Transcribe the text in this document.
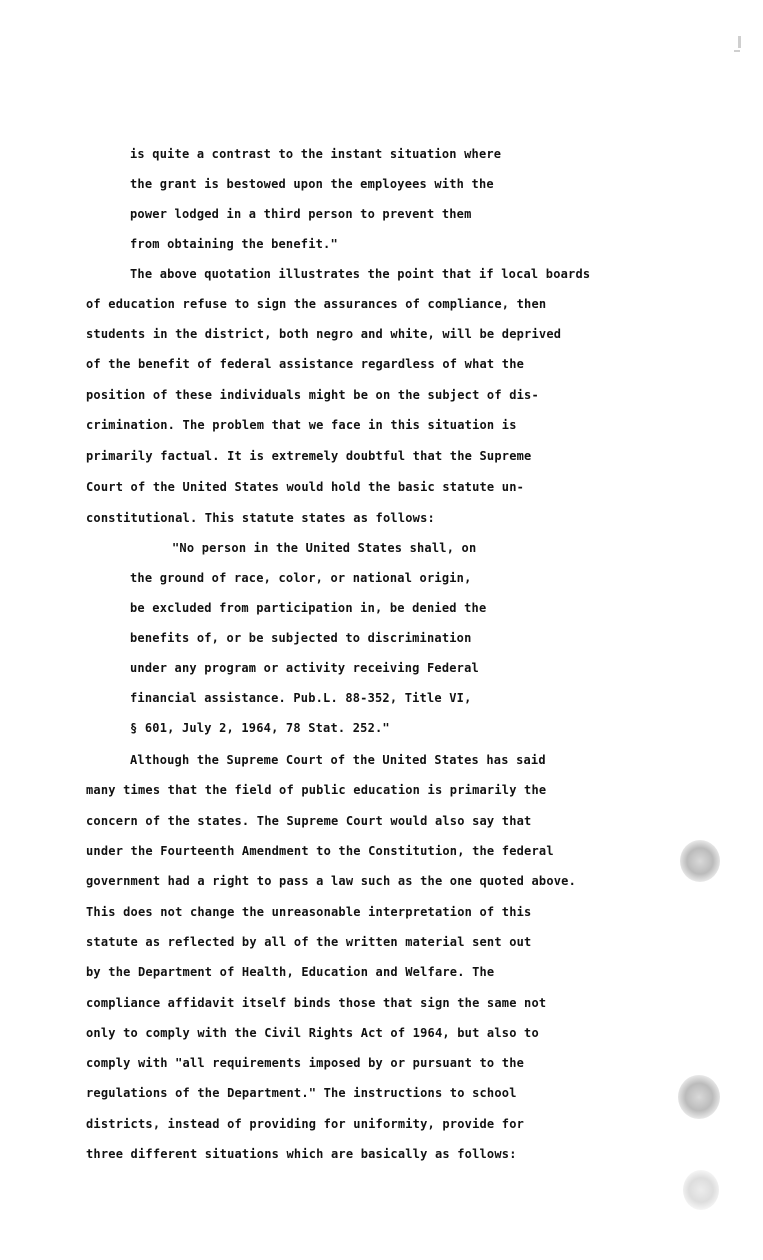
is quite a contrast to the instant situation where
the grant is bestowed upon the employees with the
power lodged in a third person to prevent them
from obtaining the benefit."
The above quotation illustrates the point that if local boards
of education refuse to sign the assurances of compliance, then
students in the district, both negro and white, will be deprived
of the benefit of federal assistance regardless of what the
position of these individuals might be on the subject of dis-
crimination. The problem that we face in this situation is
primarily factual. It is extremely doubtful that the Supreme
Court of the United States would hold the basic statute un-
constitutional. This statute states as follows:
"No person in the United States shall, on
the ground of race, color, or national origin,
be excluded from participation in, be denied the
benefits of, or be subjected to discrimination
under any program or activity receiving Federal
financial assistance. Pub.L. 88-352, Title VI,
§ 601, July 2, 1964, 78 Stat. 252."
Although the Supreme Court of the United States has said
many times that the field of public education is primarily the
concern of the states. The Supreme Court would also say that
under the Fourteenth Amendment to the Constitution, the federal
government had a right to pass a law such as the one quoted above.
This does not change the unreasonable interpretation of this
statute as reflected by all of the written material sent out
by the Department of Health, Education and Welfare. The
compliance affidavit itself binds those that sign the same not
only to comply with the Civil Rights Act of 1964, but also to
comply with "all requirements imposed by or pursuant to the
regulations of the Department." The instructions to school
districts, instead of providing for uniformity, provide for
three different situations which are basically as follows:
